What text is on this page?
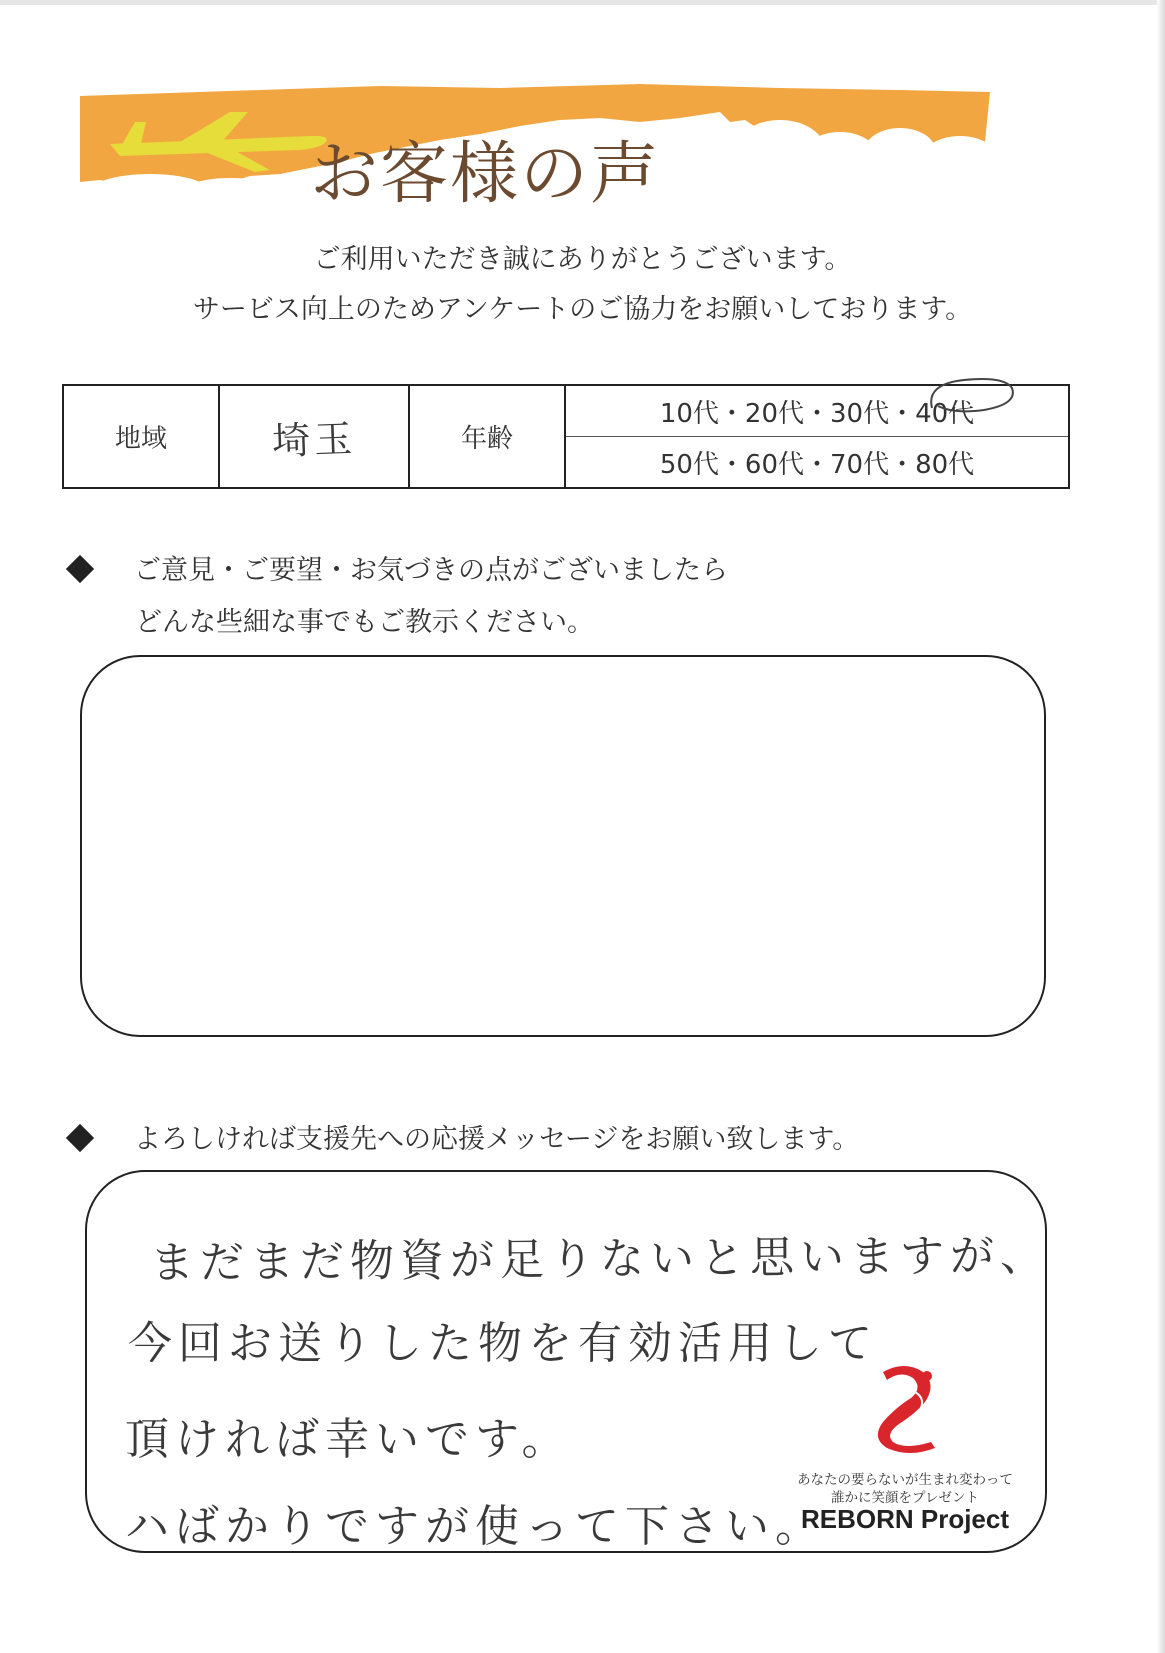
お客様の声
ご利用いただき誠にありがとうございます。
サービス向上のためアンケートのご協力をお願いしております。
地域	埼玉	年齢
10代・20代・30代・40代
50代・60代・70代・80代
ご意見・ご要望・お気づきの点がございましたら
どんな些細な事でもご教示ください。
よろしければ支援先への応援メッセージをお願い致します。
まだまだ物資が足りないと思いますが、
今回お送りした物を有効活用して
頂ければ幸いです。
ハばかりですが使って下さい。
あなたの要らないが生まれ変わって
誰かに笑顔をプレゼント
REBORN Project
